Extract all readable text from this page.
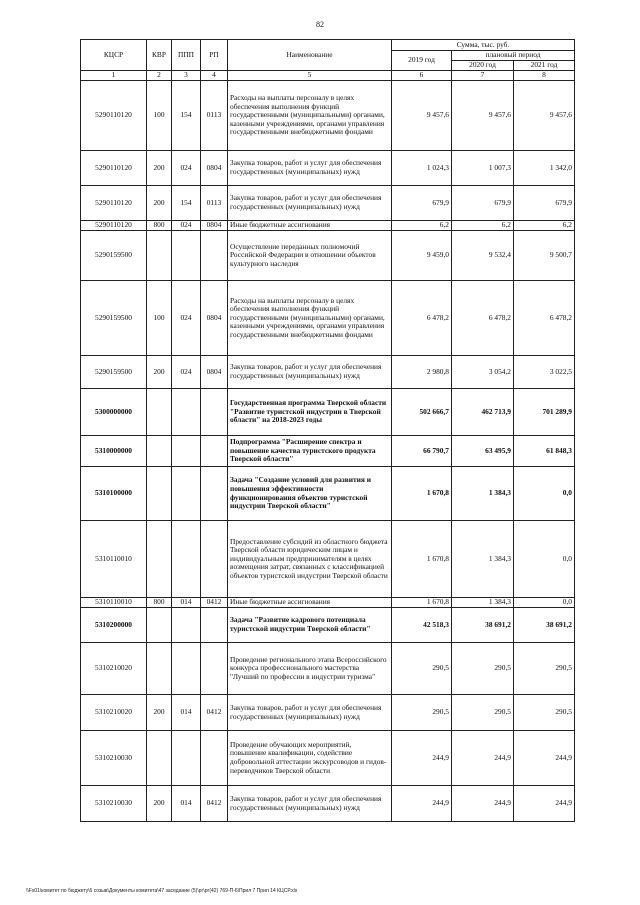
82
КЦСР	КВР	ППП	РП	Наименование	Сумма, тыс. руб.		
					2019 год	плановый период	
						2020 год	2021 год
1	2	3	4	5	6	7	8
5290110120	100	154	0113	Расходы на выплаты персоналу в целях обеспечения выполнения функций государственными (муниципальными) органами, казенными учреждениями, органами управления государственными внебюджетными фондами	9 457,6	9 457,6	9 457,6
5290110120	200	024	0804	Закупка товаров, работ и услуг для обеспечения государственных (муниципальных) нужд	1 024,3	1 007,3	1 342,0
5290110120	200	154	0113	Закупка товаров, работ и услуг для обеспечения государственных (муниципальных) нужд	679,9	679,9	679,9
5290110120	800	024	0804	Иные бюджетные ассигнования	6,2	6,2	6,2
5290159500				Осуществление переданных полномочий Российской Федерации в отношении объектов культурного наследия	9 459,0	9 532,4	9 500,7
5290159500	100	024	0804	Расходы на выплаты персоналу в целях обеспечения выполнения функций государственными (муниципальными) органами, казенными учреждениями, органами управления государственными внебюджетными фондами	6 478,2	6 478,2	6 478,2
5290159500	200	024	0804	Закупка товаров, работ и услуг для обеспечения государственных (муниципальных) нужд	2 980,8	3 054,2	3 022,5
5300000000				Государственная программа Тверской области "Развитие туристской индустрии в Тверской области" на 2018-2023 годы	502 666,7	462 713,9	701 289,9
5310000000				Подпрограмма "Расширение спектра и повышение качества туристского продукта Тверской области"	66 790,7	63 495,9	61 848,3
5310100000				Задача "Создание условий для развития и повышения эффективности функционирования объектов туристской индустрии Тверской области"	1 670,8	1 384,3	0,0
5310110010				Предоставление субсидий из областного бюджета Тверской области юридическим лицам и индивидуальным предпринимателям в целях возмещения затрат, связанных с классификацией объектов туристской индустрии Тверской области	1 670,8	1 384,3	0,0
5310110010	800	014	0412	Иные бюджетные ассигнования	1 670,8	1 384,3	0,0
5310200000				Задача "Развитие кадрового потенциала туристской индустрии Тверской области"	42 518,3	38 691,2	38 691,2
5310210020				Проведение регионального этапа Всероссийского конкурса профессионального мастерства "Лучший по профессии в индустрии туризма"	290,5	290,5	290,5
5310210020	200	014	0412	Закупка товаров, работ и услуг для обеспечения государственных (муниципальных) нужд	290,5	290,5	290,5
5310210030				Проведение обучающих мероприятий, повышение квалификации, содействие добровольной аттестации экскурсоводов и гидов-переводчиков Тверской области	244,9	244,9	244,9
5310210030	200	014	0412	Закупка товаров, работ и услуг для обеспечения государственных (муниципальных) нужд	244,9	244,9	244,9
\\Fs01\комитет по бюджету\6 созыв\Документы комитета\47 заседание (5)\рг\рг(42) 769-П-6\Прил 7 Прил 14 КЦСР.xls
